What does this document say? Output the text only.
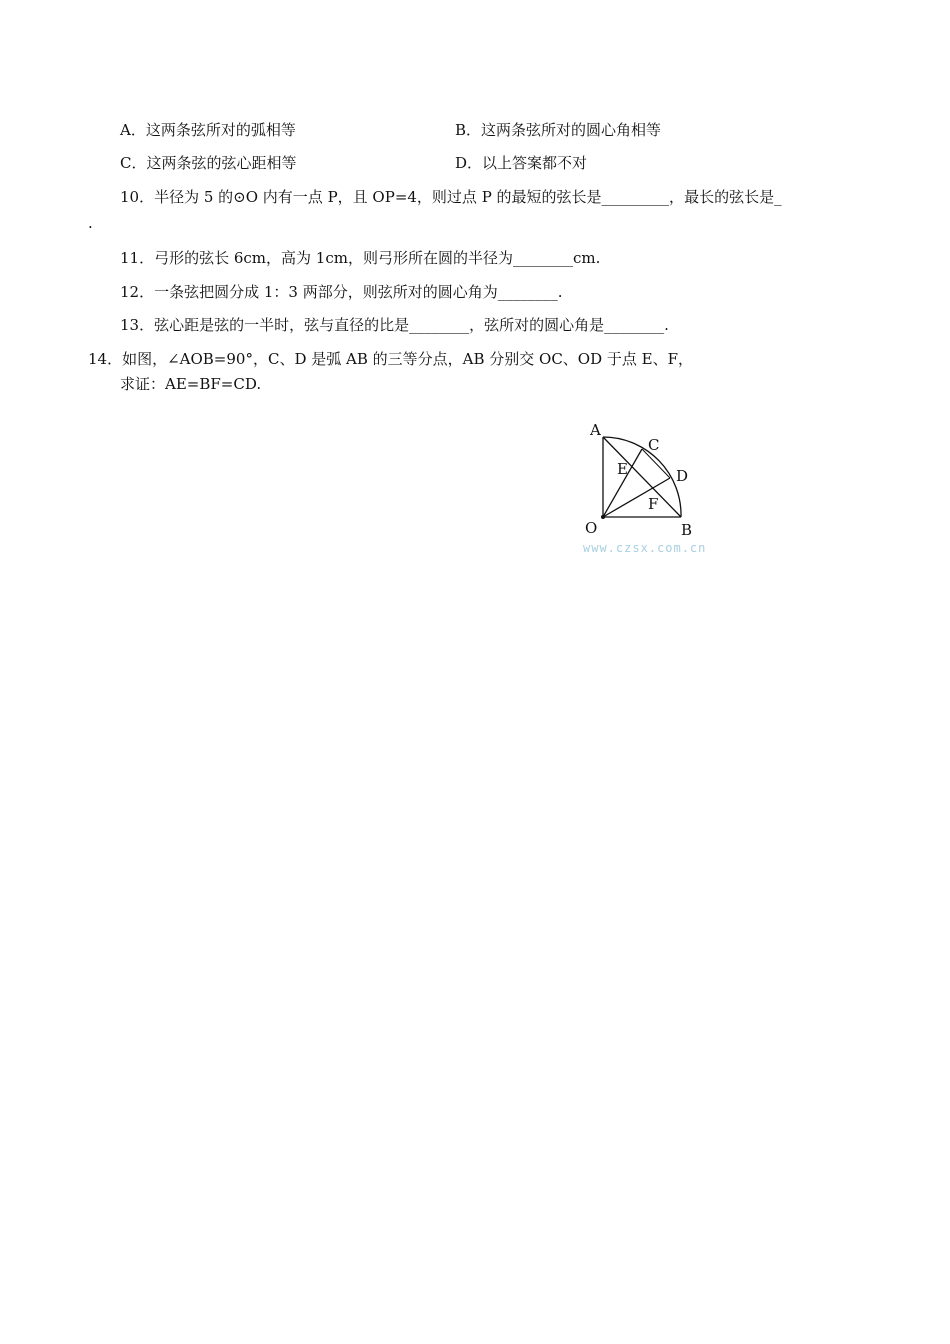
A．这两条弦所对的弧相等	B．这两条弦所对的圆心角相等
C．这两条弦的弦心距相等	D．以上答案都不对
10．半径为 5 的⊙O 内有一点 P，且 OP=4，则过点 P 的最短的弦长是_________，最长的弦长是_
.
11．弓形的弦长 6cm，高为 1cm，则弓形所在圆的半径为________cm.
12．一条弦把圆分成 1：3 两部分，则弦所对的圆心角为________.
13．弦心距是弦的一半时，弦与直径的比是________，弦所对的圆心角是________.
14．如图，∠AOB=90°，C、D 是弧 AB 的三等分点，AB 分别交 OC、OD 于点 E、F，
求证：AE=BF=CD.
A
C
E	D
F
O	B
www.czsx.com.cn
